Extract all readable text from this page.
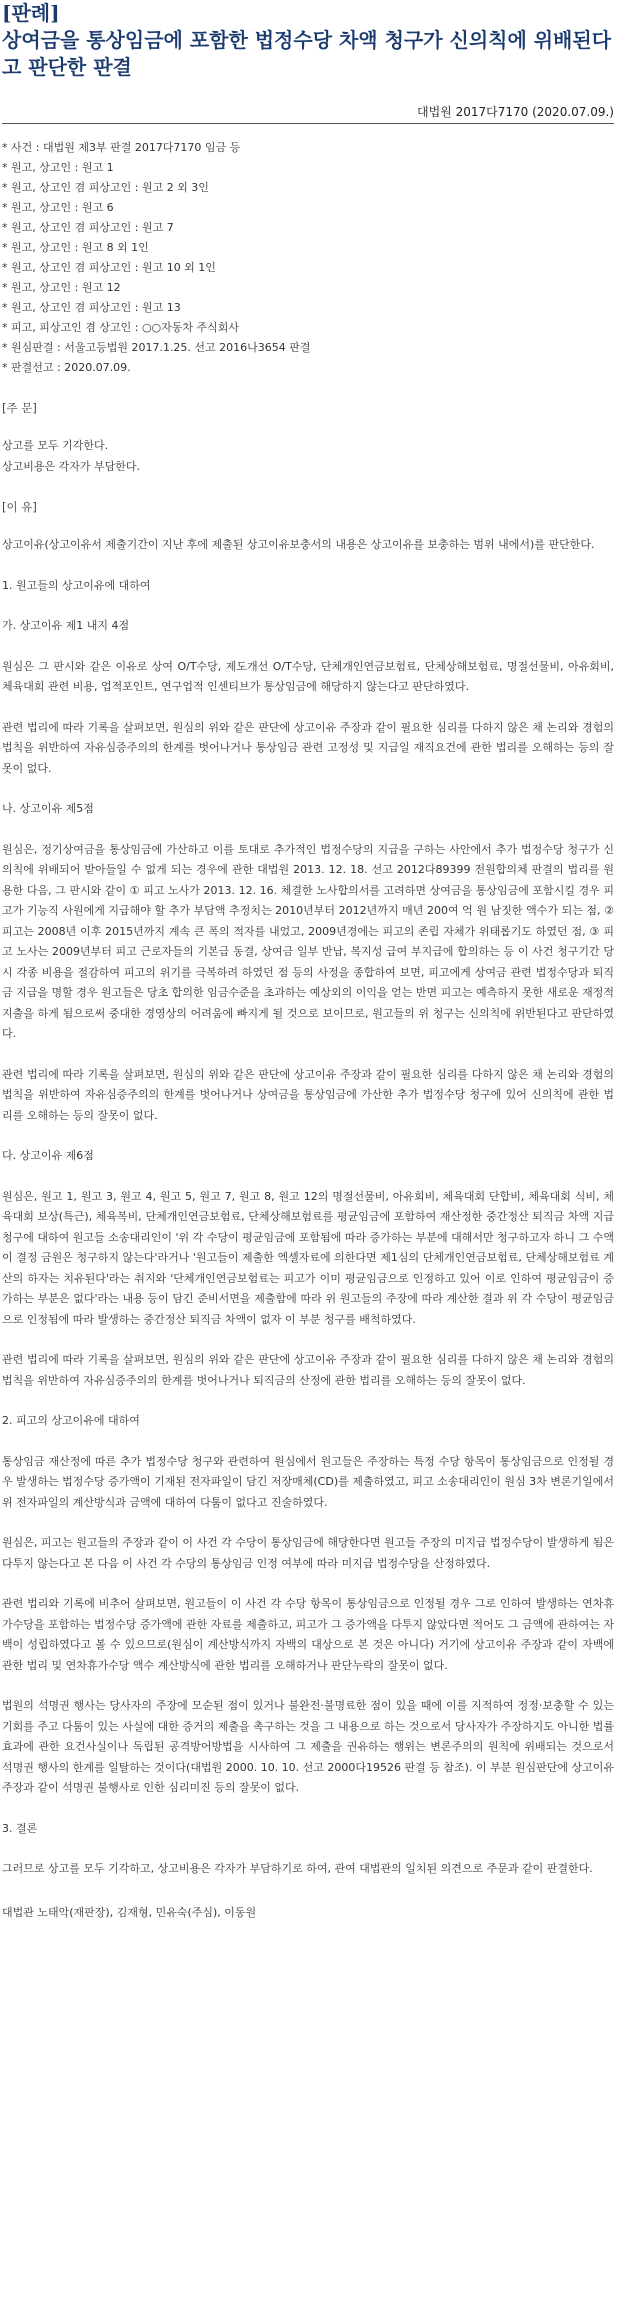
[판례]
상여금을 통상임금에 포함한 법정수당 차액 청구가 신의칙에 위배된다고 판단한 판결
대법원 2017다7170 (2020.07.09.)
* 사건 : 대법원 제3부 판결 2017다7170 임금 등
* 원고, 상고인 : 원고 1
* 원고, 상고인 겸 피상고인 : 원고 2 외 3인
* 원고, 상고인 : 원고 6
* 원고, 상고인 겸 피상고인 : 원고 7
* 원고, 상고인 : 원고 8 외 1인
* 원고, 상고인 겸 피상고인 : 원고 10 외 1인
* 원고, 상고인 : 원고 12
* 원고, 상고인 겸 피상고인 : 원고 13
* 피고, 피상고인 겸 상고인 : ○○자동차 주식회사
* 원심판결 : 서울고등법원 2017.1.25. 선고 2016나3654 판결
* 판결선고 : 2020.07.09.
[주 문]

상고를 모두 기각한다.
상고비용은 각자가 부담한다.

[이 유]

상고이유(상고이유서 제출기간이 지난 후에 제출된 상고이유보충서의 내용은 상고이유를 보충하는 범위 내에서)를 판단한다.

1. 원고들의 상고이유에 대하여

가. 상고이유 제1 내지 4점

원심은 그 판시와 같은 이유로 상여 O/T수당, 제도개선 O/T수당, 단체개인연금보험료, 단체상해보험료, 명절선물비, 아유회비, 체육대회 관련 비용, 업적포인트, 연구업적 인센티브가 통상임금에 해당하지 않는다고 판단하였다.

관련 법리에 따라 기록을 살펴보면, 원심의 위와 같은 판단에 상고이유 주장과 같이 필요한 심리를 다하지 않은 채 논리와 경험의 법칙을 위반하여 자유심증주의의 한계를 벗어나거나 통상임금 관련 고정성 및 지급일 재직요건에 관한 법리를 오해하는 등의 잘못이 없다.

나. 상고이유 제5점

원심은, 정기상여금을 통상임금에 가산하고 이를 토대로 추가적인 법정수당의 지급을 구하는 사안에서 추가 법정수당 청구가 신의칙에 위배되어 받아들일 수 없게 되는 경우에 관한 대법원 2013. 12. 18. 선고 2012다89399 전원합의체 판결의 법리를 원용한 다음, 그 판시와 같이 ① 피고 노사가 2013. 12. 16. 체결한 노사합의서를 고려하면 상여금을 통상임금에 포함시킬 경우 피고가 기능직 사원에게 지급해야 할 추가 부담액 추정치는 2010년부터 2012년까지 매년 200여 억 원 남짓한 액수가 되는 점, ② 피고는 2008년 이후 2015년까지 계속 큰 폭의 적자를 내었고, 2009년경에는 피고의 존립 자체가 위태롭기도 하였던 점, ③ 피고 노사는 2009년부터 피고 근로자들의 기본급 동결, 상여금 일부 반납, 복지성 급여 부지급에 합의하는 등 이 사건 청구기간 당시 각종 비용을 절감하여 피고의 위기를 극복하려 하였던 점 등의 사정을 종합하여 보면, 피고에게 상여금 관련 법정수당과 퇴직금 지급을 명할 경우 원고들은 당초 합의한 임금수준을 초과하는 예상외의 이익을 얻는 반면 피고는 예측하지 못한 새로운 재정적 지출을 하게 됨으로써 중대한 경영상의 어려움에 빠지게 될 것으로 보이므로, 원고들의 위 청구는 신의칙에 위반된다고 판단하였다.

관련 법리에 따라 기록을 살펴보면, 원심의 위와 같은 판단에 상고이유 주장과 같이 필요한 심리를 다하지 않은 채 논리와 경험의 법칙을 위반하여 자유심증주의의 한계를 벗어나거나 상여금을 통상임금에 가산한 추가 법정수당 청구에 있어 신의칙에 관한 법리를 오해하는 등의 잘못이 없다.

다. 상고이유 제6점

원심은, 원고 1, 원고 3, 원고 4, 원고 5, 원고 7, 원고 8, 원고 12의 명절선물비, 아유회비, 체육대회 단합비, 체육대회 식비, 체육대회 보상(특근), 체육복비, 단체개인연금보험료, 단체상해보험료를 평균임금에 포함하여 재산정한 중간정산 퇴직금 차액 지급 청구에 대하여 원고들 소송대리인이 '위 각 수당이 평균임금에 포함됨에 따라 증가하는 부분에 대해서만 청구하고자 하니 그 수액이 결정 금원은 청구하지 않는다'라거나 '원고들이 제출한 엑셀자료에 의한다면 제1심의 단체개인연금보험료, 단체상해보험료 계산의 하자는 치유된다'라는 취지와 '단체개인연금보험료는 피고가 이미 평균임금으로 인정하고 있어 이로 인하여 평균임금이 증가하는 부분은 없다'라는 내용 등이 담긴 준비서면을 제출함에 따라 위 원고들의 주장에 따라 계산한 결과 위 각 수당이 평균임금으로 인정됨에 따라 발생하는 중간정산 퇴직금 차액이 없자 이 부분 청구를 배척하였다.

관련 법리에 따라 기록을 살펴보면, 원심의 위와 같은 판단에 상고이유 주장과 같이 필요한 심리를 다하지 않은 채 논리와 경험의 법칙을 위반하여 자유심증주의의 한계를 벗어나거나 퇴직금의 산정에 관한 법리를 오해하는 등의 잘못이 없다.

2. 피고의 상고이유에 대하여

통상임금 재산정에 따른 추가 법정수당 청구와 관련하여 원심에서 원고들은 주장하는 특정 수당 항목이 통상임금으로 인정될 경우 발생하는 법정수당 증가액이 기재된 전자파일이 담긴 저장매체(CD)를 제출하였고, 피고 소송대리인이 원심 3차 변론기일에서 위 전자파일의 계산방식과 금액에 대하여 다툼이 없다고 진술하였다.

원심은, 피고는 원고들의 주장과 같이 이 사건 각 수당이 통상임금에 해당한다면 원고들 주장의 미지급 법정수당이 발생하게 됨은 다투지 않는다고 본 다음 이 사건 각 수당의 통상임금 인정 여부에 따라 미지급 법정수당을 산정하였다.

관련 법리와 기록에 비추어 살펴보면, 원고들이 이 사건 각 수당 항목이 통상임금으로 인정될 경우 그로 인하여 발생하는 연차휴가수당을 포함하는 법정수당 증가액에 관한 자료를 제출하고, 피고가 그 증가액을 다투지 않았다면 적어도 그 금액에 관하여는 자백이 성립하였다고 볼 수 있으므로(원심이 계산방식까지 자백의 대상으로 본 것은 아니다) 거기에 상고이유 주장과 같이 자백에 관한 법리 및 연차휴가수당 액수 계산방식에 관한 법리를 오해하거나 판단누락의 잘못이 없다.

법원의 석명권 행사는 당사자의 주장에 모순된 점이 있거나 불완전·불명료한 점이 있을 때에 이를 지적하여 정정·보충할 수 있는 기회를 주고 다툼이 있는 사실에 대한 증거의 제출을 촉구하는 것을 그 내용으로 하는 것으로서 당사자가 주장하지도 아니한 법률효과에 관한 요건사실이나 독립된 공격방어방법을 시사하여 그 제출을 권유하는 행위는 변론주의의 원칙에 위배되는 것으로서 석명권 행사의 한계를 일탈하는 것이다(대법원 2000. 10. 10. 선고 2000다19526 판결 등 참조). 이 부분 원심판단에 상고이유 주장과 같이 석명권 불행사로 인한 심리미진 등의 잘못이 없다.

3. 결론

그러므로 상고를 모두 기각하고, 상고비용은 각자가 부담하기로 하여, 관여 대법관의 일치된 의견으로 주문과 같이 판결한다.

대법관 노태악(재판장), 김재형, 민유숙(주심), 이동원
